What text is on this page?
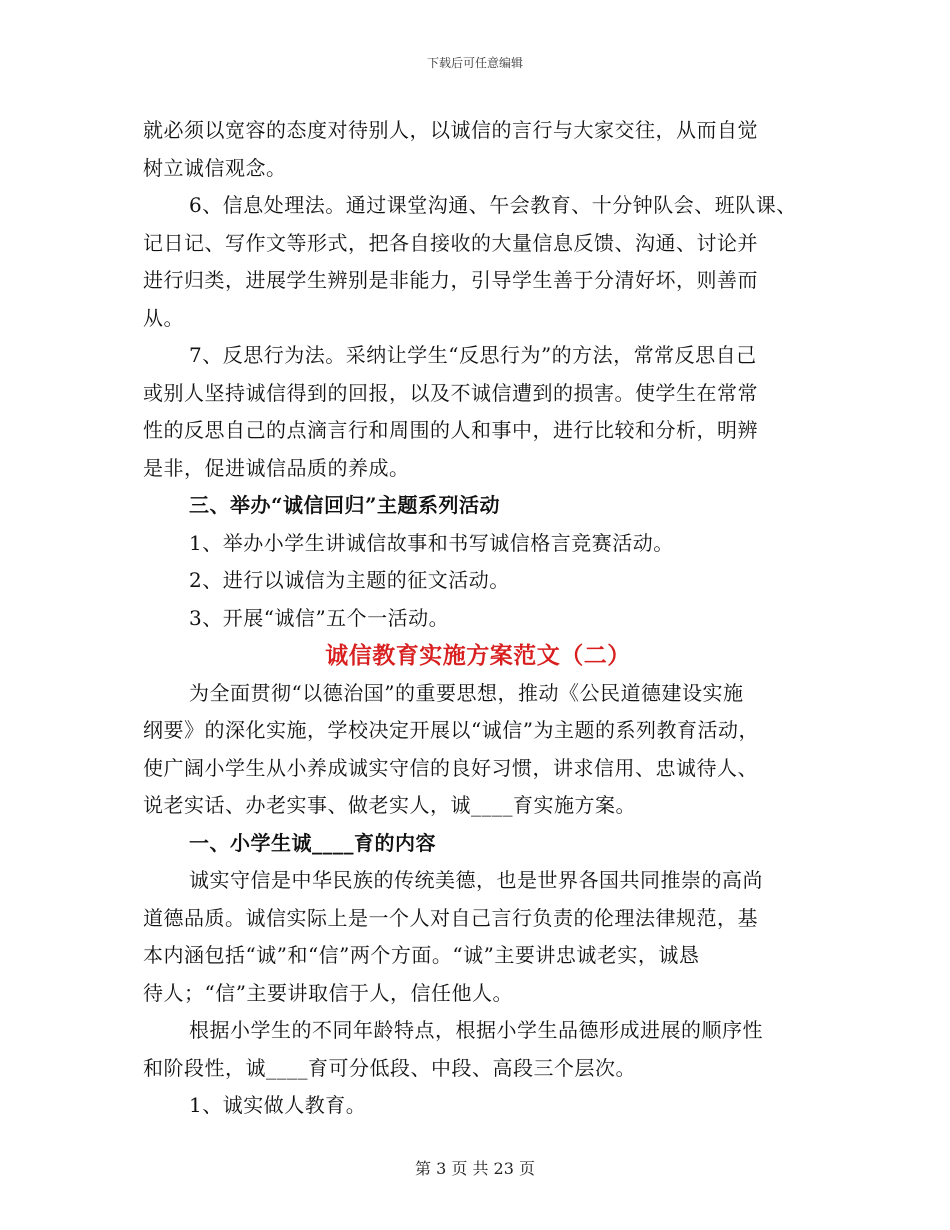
下载后可任意编辑
就必须以宽容的态度对待别人，以诚信的言行与大家交往，从而自觉
树立诚信观念。
6、信息处理法。通过课堂沟通、午会教育、十分钟队会、班队课、
记日记、写作文等形式，把各自接收的大量信息反馈、沟通、讨论并
进行归类，进展学生辨别是非能力，引导学生善于分清好坏，则善而
从。
7、反思行为法。采纳让学生“反思行为”的方法，常常反思自己
或别人坚持诚信得到的回报，以及不诚信遭到的损害。使学生在常常
性的反思自己的点滴言行和周围的人和事中，进行比较和分析，明辨
是非，促进诚信品质的养成。
三、举办“诚信回归”主题系列活动
1、举办小学生讲诚信故事和书写诚信格言竞赛活动。
2、进行以诚信为主题的征文活动。
3、开展“诚信”五个一活动。
诚信教育实施方案范文（二）
为全面贯彻“以德治国”的重要思想，推动《公民道德建设实施
纲要》的深化实施，学校决定开展以“诚信”为主题的系列教育活动，
使广阔小学生从小养成诚实守信的良好习惯，讲求信用、忠诚待人、
说老实话、办老实事、做老实人，诚____育实施方案。
一、小学生诚____育的内容
诚实守信是中华民族的传统美德，也是世界各国共同推崇的高尚
道德品质。诚信实际上是一个人对自己言行负责的伦理法律规范，基
本内涵包括“诚”和“信”两个方面。“诚”主要讲忠诚老实，诚恳
待人；“信”主要讲取信于人，信任他人。
根据小学生的不同年龄特点，根据小学生品德形成进展的顺序性
和阶段性，诚____育可分低段、中段、高段三个层次。
1、诚实做人教育。
第 3 页 共 23 页
